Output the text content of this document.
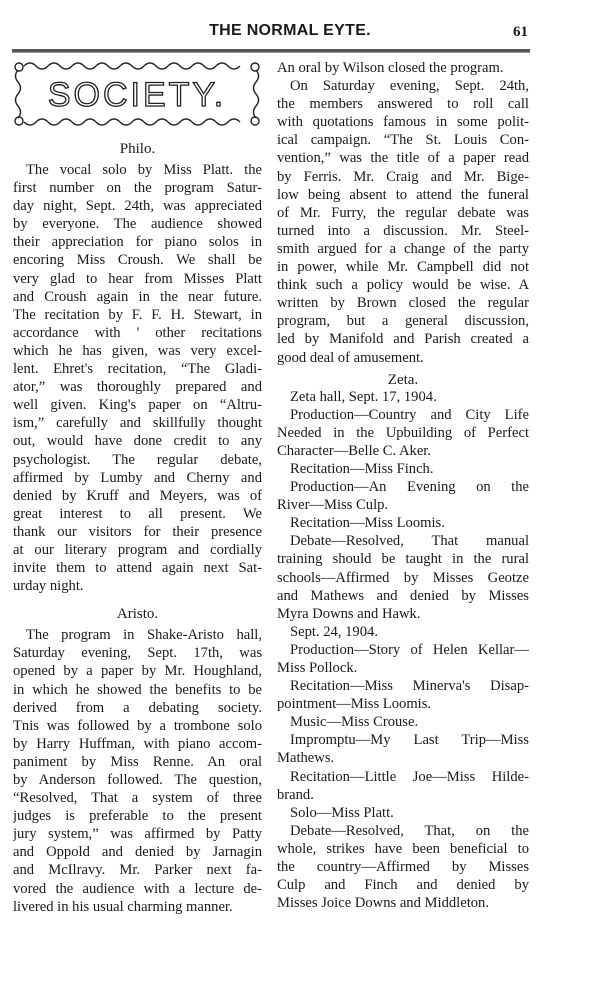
THE NORMAL EYTE.	61
SOCIETY.
Philo.
The vocal solo by Miss Platt. the
first number on the program Satur-
day night, Sept. 24th, was appreciated
by everyone. The audience showed
their appreciation for piano solos in
encoring Miss Croush. We shall be
very glad to hear from Misses Platt
and Croush again in the near future.
The recitation by F. F. H. Stewart, in
accordance with ' other recitations
which he has given, was very excel-
lent. Ehret's recitation, “The Gladi-
ator,” was thoroughly prepared and
well given. King's paper on “Altru-
ism,” carefully and skillfully thought
out, would have done credit to any
psychologist. The regular debate,
affirmed by Lumby and Cherny and
denied by Kruff and Meyers, was of
great interest to all present. We
thank our visitors for their presence
at our literary program and cordially
invite them to attend again next Sat-
urday night.
Aristo.
The program in Shake-Aristo hall,
Saturday evening, Sept. 17th, was
opened by a paper by Mr. Houghland,
in which he showed the benefits to be
derived from a debating society.
Tnis was followed by a trombone solo
by Harry Huffman, with piano accom-
paniment by Miss Renne. An oral
by Anderson followed. The question,
“Resolved, That a system of three
judges is preferable to the present
jury system,” was affirmed by Patty
and Oppold and denied by Jarnagin
and McIlravy. Mr. Parker next fa-
vored the audience with a lecture de-
livered in his usual charming manner.
An oral by Wilson closed the program.
On Saturday evening, Sept. 24th,
the members answered to roll call
with quotations famous in some polit-
ical campaign. “The St. Louis Con-
vention,” was the title of a paper read
by Ferris. Mr. Craig and Mr. Bige-
low being absent to attend the funeral
of Mr. Furry, the regular debate was
turned into a discussion. Mr. Steel-
smith argued for a change of the party
in power, while Mr. Campbell did not
think such a policy would be wise. A
written by Brown closed the regular
program, but a general discussion,
led by Manifold and Parish created a
good deal of amusement.
Zeta.
Zeta hall, Sept. 17, 1904.
Production—Country and City Life
Needed in the Upbuilding of Perfect
Character—Belle C. Aker.
Recitation—Miss Finch.
Production—An Evening on the
River—Miss Culp.
Recitation—Miss Loomis.
Debate—Resolved, That manual
training should be taught in the rural
schools—Affirmed by Misses Geotze
and Mathews and denied by Misses
Myra Downs and Hawk.
Sept. 24, 1904.
Production—Story of Helen Kellar—
Miss Pollock.
Recitation—Miss Minerva's Disap-
pointment—Miss Loomis.
Music—Miss Crouse.
Impromptu—My Last Trip—Miss
Mathews.
Recitation—Little Joe—Miss Hilde-
brand.
Solo—Miss Platt.
Debate—Resolved, That, on the
whole, strikes have been beneficial to
the country—Affirmed by Misses
Culp and Finch and denied by
Misses Joice Downs and Middleton.
